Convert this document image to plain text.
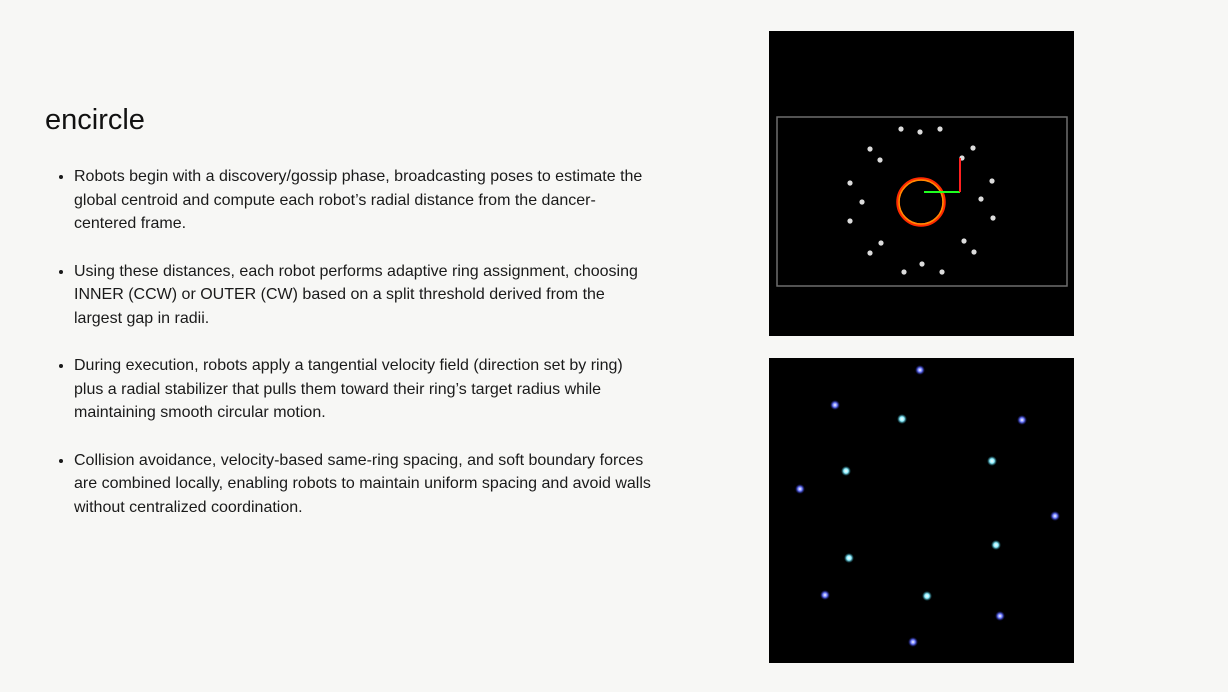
encircle
• Robots begin with a discovery/gossip phase, broadcasting poses to estimate the global centroid and compute each robot’s radial distance from the dancer-centered frame.
• Using these distances, each robot performs adaptive ring assignment, choosing INNER (CCW) or OUTER (CW) based on a split threshold derived from the largest gap in radii.
• During execution, robots apply a tangential velocity field (direction set by ring) plus a radial stabilizer that pulls them toward their ring’s target radius while maintaining smooth circular motion.
• Collision avoidance, velocity-based same-ring spacing, and soft boundary forces are combined locally, enabling robots to maintain uniform spacing and avoid walls without centralized coordination.
